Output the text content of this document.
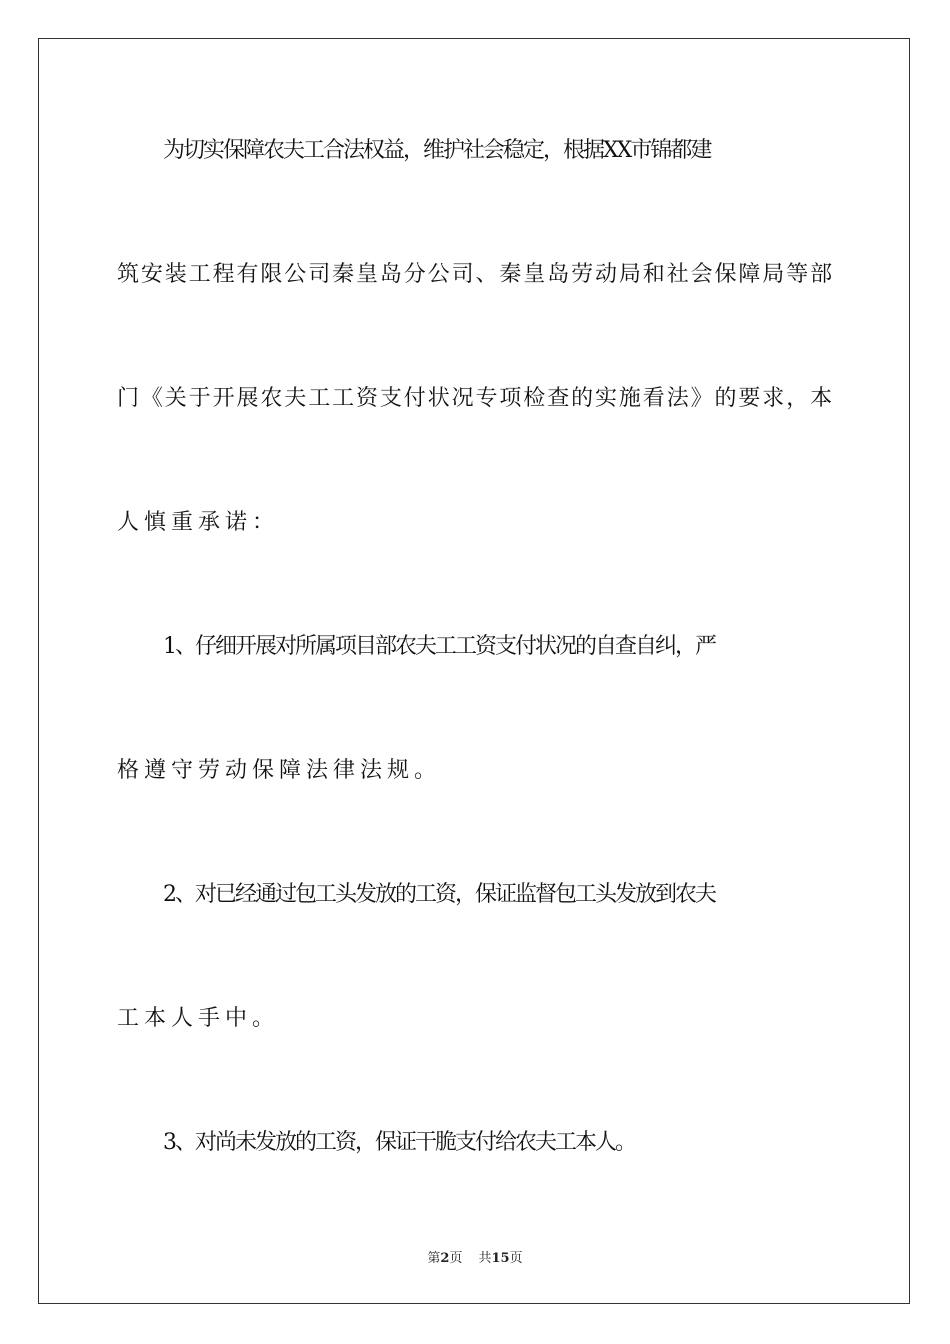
为切实保障农夫工合法权益，维护社会稳定，根据XX市锦都建
筑安装工程有限公司秦皇岛分公司、秦皇岛劳动局和社会保障局等部
门《关于开展农夫工工资支付状况专项检查的实施看法》的要求，本
人慎重承诺：
1、仔细开展对所属项目部农夫工工资支付状况的自查自纠，严
格遵守劳动保障法律法规。
2、对已经通过包工头发放的工资，保证监督包工头发放到农夫
工本人手中。
3、对尚未发放的工资，保证干脆支付给农夫工本人。
第2页 共15页
